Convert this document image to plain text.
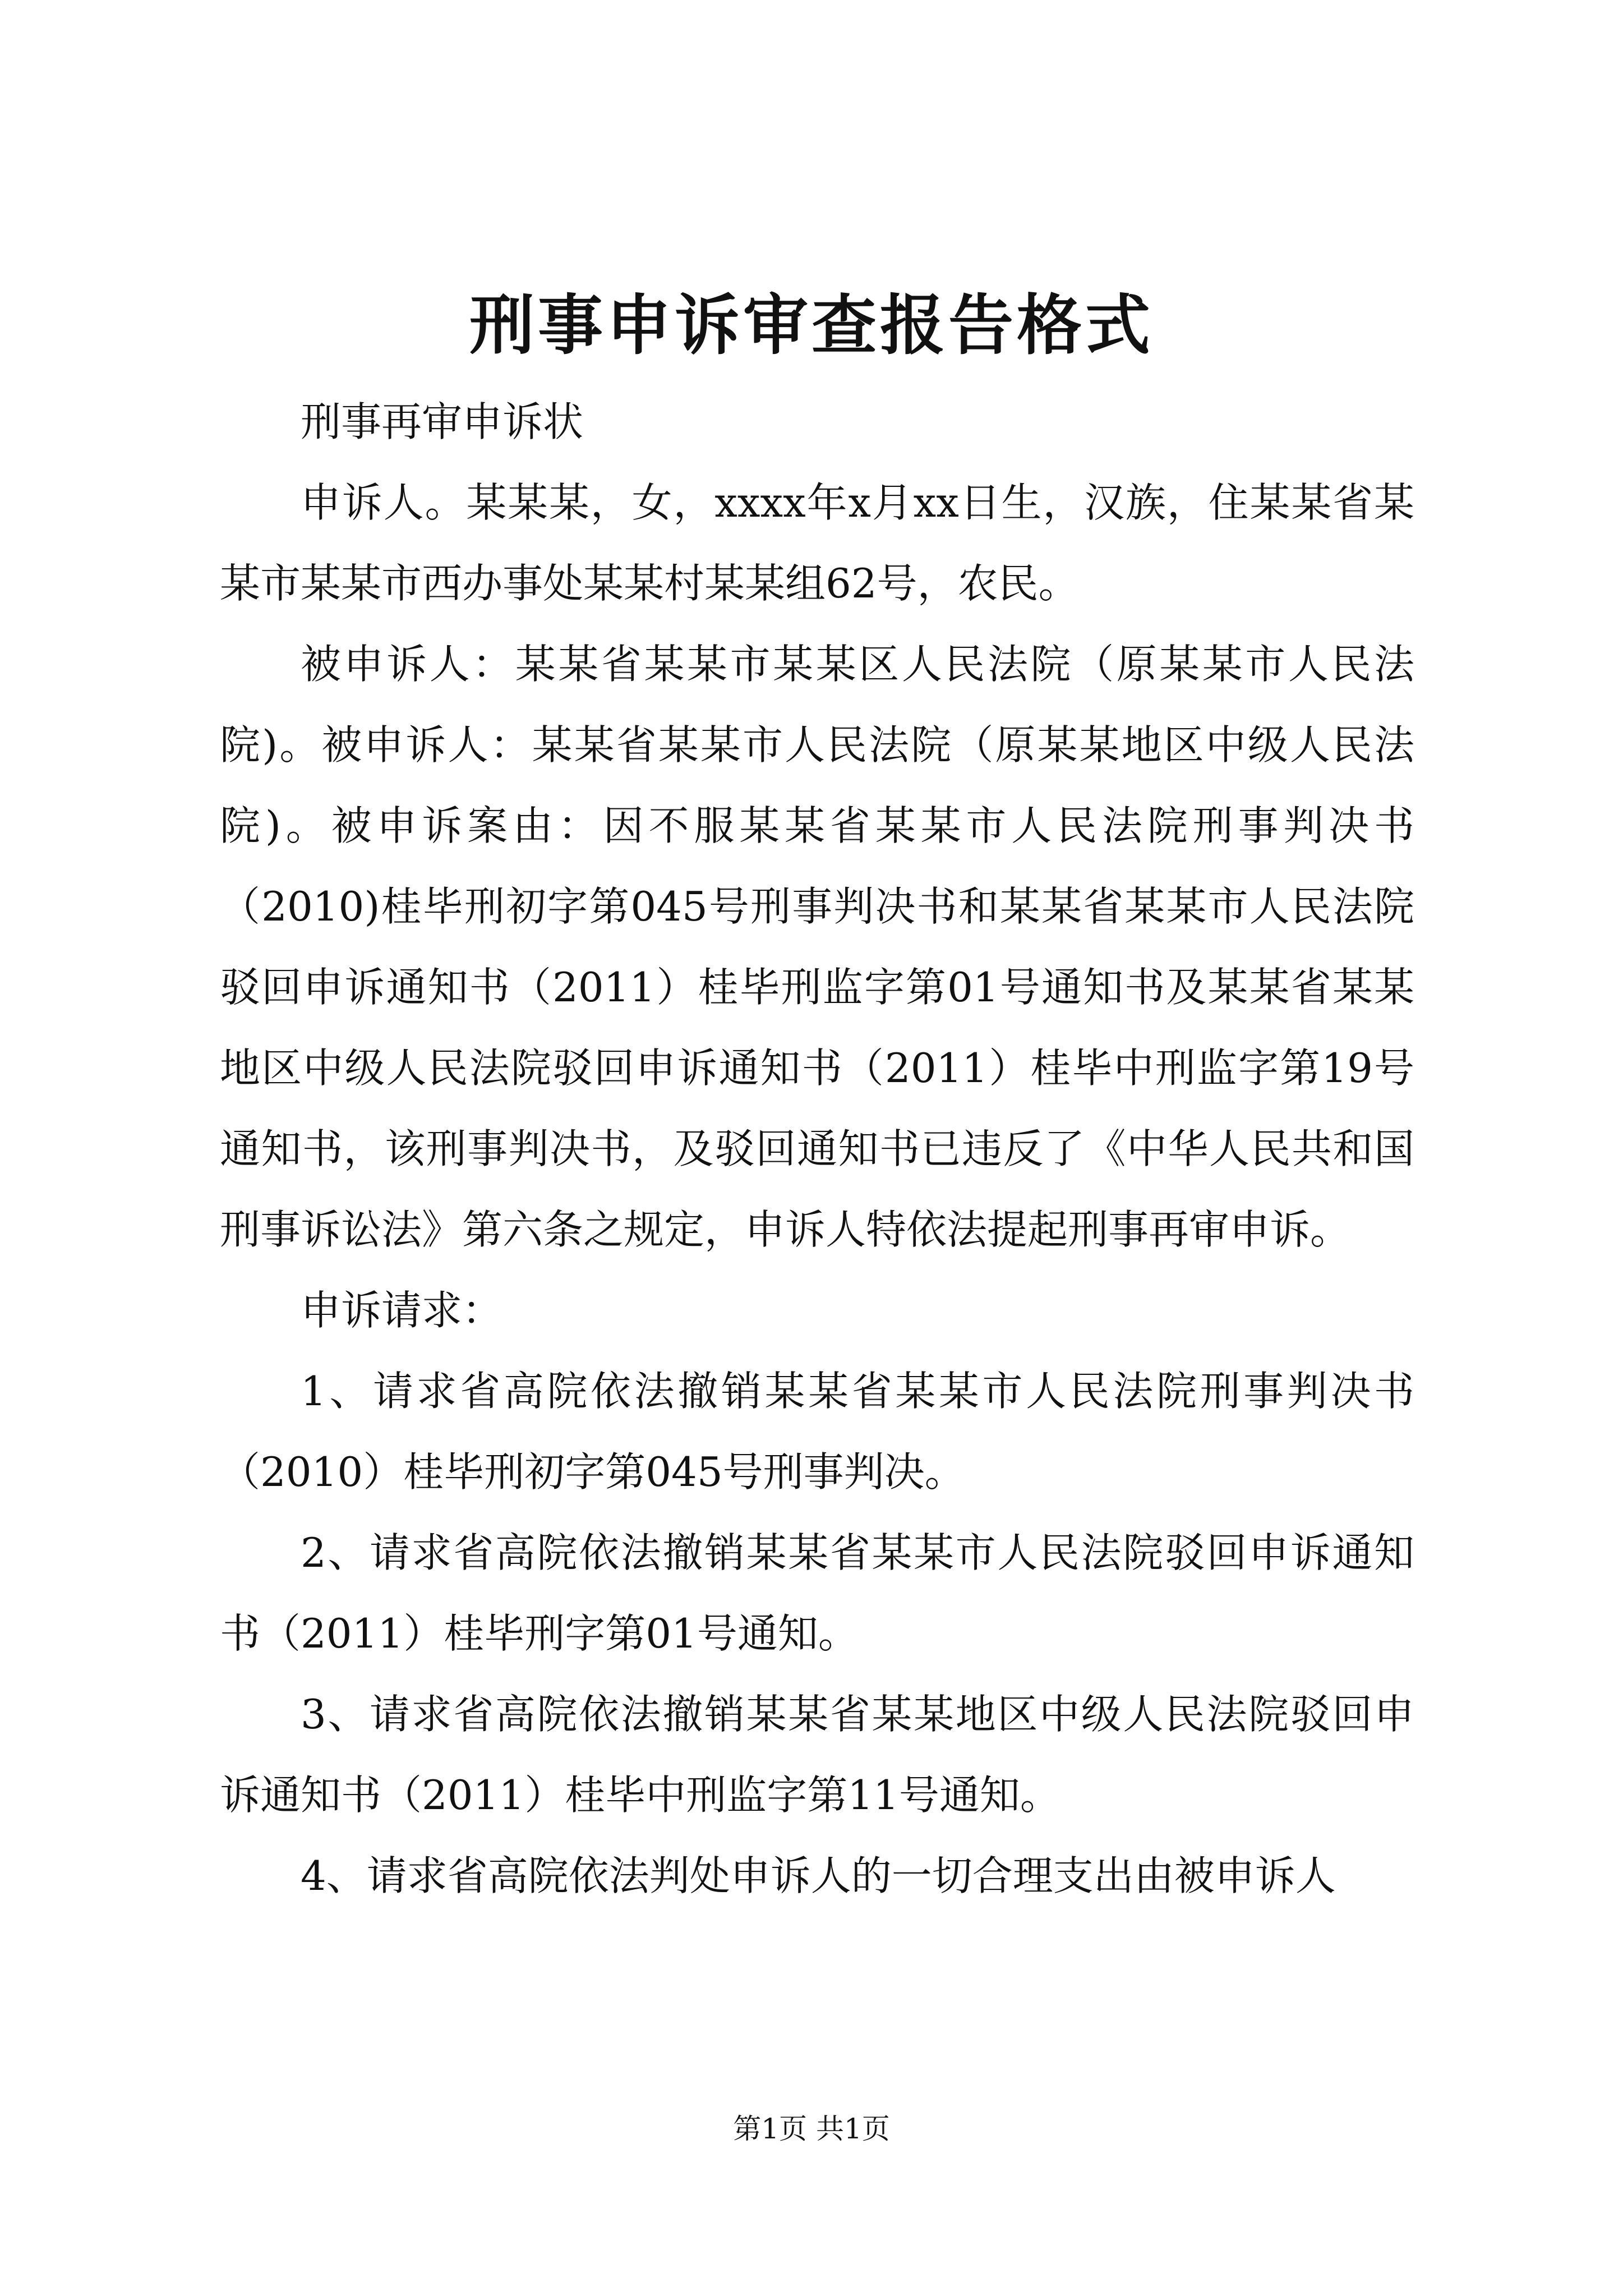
刑事申诉审查报告格式

刑事再审申诉状

申诉人。某某某，女，xxxx年x月xx日生，汉族，住某某省某某市某某市西办事处某某村某某组62号，农民。

被申诉人：某某省某某市某某区人民法院（原某某市人民法院)。被申诉人：某某省某某市人民法院（原某某地区中级人民法院)。被申诉案由：因不服某某省某某市人民法院刑事判决书（2010)桂毕刑初字第045号刑事判决书和某某省某某市人民法院驳回申诉通知书（2011）桂毕刑监字第01号通知书及某某省某某地区中级人民法院驳回申诉通知书（2011）桂毕中刑监字第19号通知书，该刑事判决书，及驳回通知书已违反了《中华人民共和国刑事诉讼法》第六条之规定，申诉人特依法提起刑事再审申诉。

申诉请求：

1、请求省高院依法撤销某某省某某市人民法院刑事判决书（2010）桂毕刑初字第045号刑事判决。

2、请求省高院依法撤销某某省某某市人民法院驳回申诉通知书（2011）桂毕刑字第01号通知。

3、请求省高院依法撤销某某省某某地区中级人民法院驳回申诉通知书（2011）桂毕中刑监字第11号通知。

4、请求省高院依法判处申诉人的一切合理支出由被申诉人

第1页 共1页
